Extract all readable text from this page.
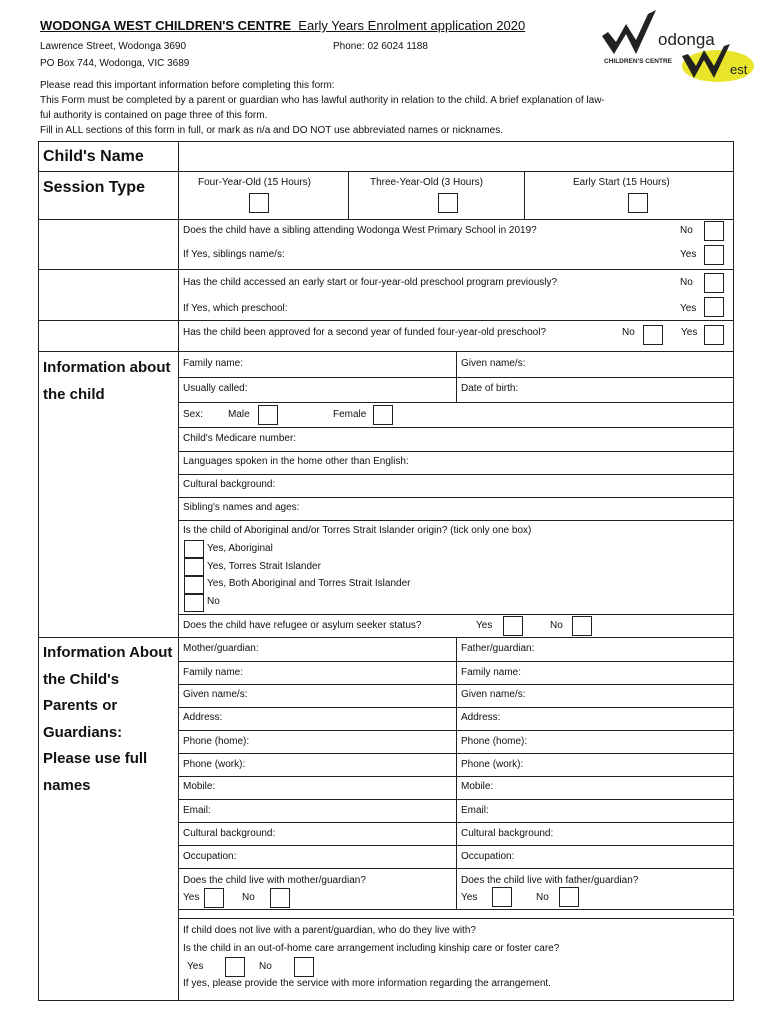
WODONGA WEST CHILDREN'S CENTRE Early Years Enrolment application 2020
Lawrence Street, Wodonga 3690	Phone: 02 6024 1188
PO Box 744, Wodonga, VIC 3689
odonga
CHILDREN'S CENTRE
est
Please read this important information before completing this form:
This Form must be completed by a parent or guardian who has lawful authority in relation to the child. A brief explanation of law-
ful authority is contained on page three of this form.
Fill in ALL sections of this form in full, or mark as n/a and DO NOT use abbreviated names or nicknames.
Child's Name
Session Type	Four-Year-Old (15 Hours)	Three-Year-Old (3 Hours)	Early Start (15 Hours)
Does the child have a sibling attending Wodonga West Primary School in 2019?	No
If Yes, siblings name/s:	Yes
Has the child accessed an early start or four-year-old preschool program previously?	No
If Yes, which preschool:	Yes
Has the child been approved for a second year of funded four-year-old preschool?	No	Yes
Information about the child
Family name:	Given name/s:
Usually called:	Date of birth:
Sex: Male	Female
Child's Medicare number:
Languages spoken in the home other than English:
Cultural background:
Sibling's names and ages:
Is the child of Aboriginal and/or Torres Strait Islander origin? (tick only one box)
Yes, Aboriginal
Yes, Torres Strait Islander
Yes, Both Aboriginal and Torres Strait Islander
No
Does the child have refugee or asylum seeker status?	Yes	No
Information About the Child's Parents or Guardians: Please use full names
Mother/guardian:	Father/guardian:
Family name:	Family name:
Given name/s:	Given name/s:
Address:	Address:
Phone (home):	Phone (home):
Phone (work):	Phone (work):
Mobile:	Mobile:
Email:	Email:
Cultural background:	Cultural background:
Occupation:	Occupation:
Does the child live with mother/guardian?
Yes	No
Does the child live with father/guardian?
Yes	No
If child does not live with a parent/guardian, who do they live with?
Is the child in an out-of-home care arrangement including kinship care or foster care?
Yes	No
If yes, please provide the service with more information regarding the arrangement.
